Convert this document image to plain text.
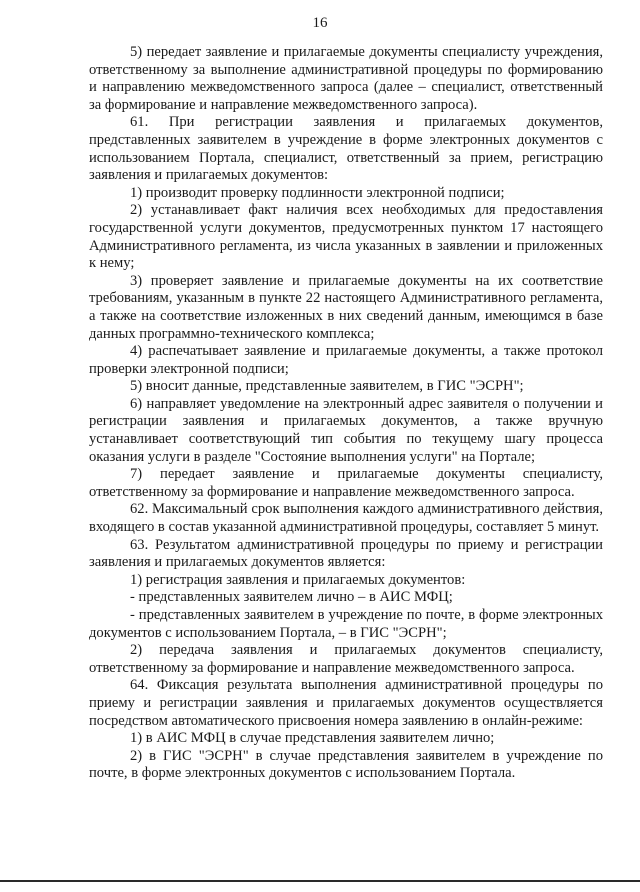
16

5) передает заявление и прилагаемые документы специалисту учреждения, ответственному за выполнение административной процедуры по формированию и направлению межведомственного запроса (далее – специалист, ответственный за формирование и направление межведомственного запроса).

61. При регистрации заявления и прилагаемых документов, представленных заявителем в учреждение в форме электронных документов с использованием Портала, специалист, ответственный за прием, регистрацию заявления и прилагаемых документов:

1) производит проверку подлинности электронной подписи;

2) устанавливает факт наличия всех необходимых для предоставления государственной услуги документов, предусмотренных пунктом 17 настоящего Административного регламента, из числа указанных в заявлении и приложенных к нему;

3) проверяет заявление и прилагаемые документы на их соответствие требованиям, указанным в пункте 22 настоящего Административного регламента, а также на соответствие изложенных в них сведений данным, имеющимся в базе данных программно-технического комплекса;

4) распечатывает заявление и прилагаемые документы, а также протокол проверки электронной подписи;

5) вносит данные, представленные заявителем, в ГИС "ЭСРН";

6) направляет уведомление на электронный адрес заявителя о получении и регистрации заявления и прилагаемых документов, а также вручную устанавливает соответствующий тип события по текущему шагу процесса оказания услуги в разделе "Состояние выполнения услуги" на Портале;

7) передает заявление и прилагаемые документы специалисту, ответственному за формирование и направление межведомственного запроса.

62. Максимальный срок выполнения каждого административного действия, входящего в состав указанной административной процедуры, составляет 5 минут.

63. Результатом административной процедуры по приему и регистрации заявления и прилагаемых документов является:

1) регистрация заявления и прилагаемых документов:

- представленных заявителем лично – в АИС МФЦ;

- представленных заявителем в учреждение по почте, в форме электронных документов с использованием Портала, – в ГИС "ЭСРН";

2) передача заявления и прилагаемых документов специалисту, ответственному за формирование и направление межведомственного запроса.

64. Фиксация результата выполнения административной процедуры по приему и регистрации заявления и прилагаемых документов осуществляется посредством автоматического присвоения номера заявлению в онлайн-режиме:

1) в АИС МФЦ в случае представления заявителем лично;

2) в ГИС "ЭСРН" в случае представления заявителем в учреждение по почте, в форме электронных документов с использованием Портала.
